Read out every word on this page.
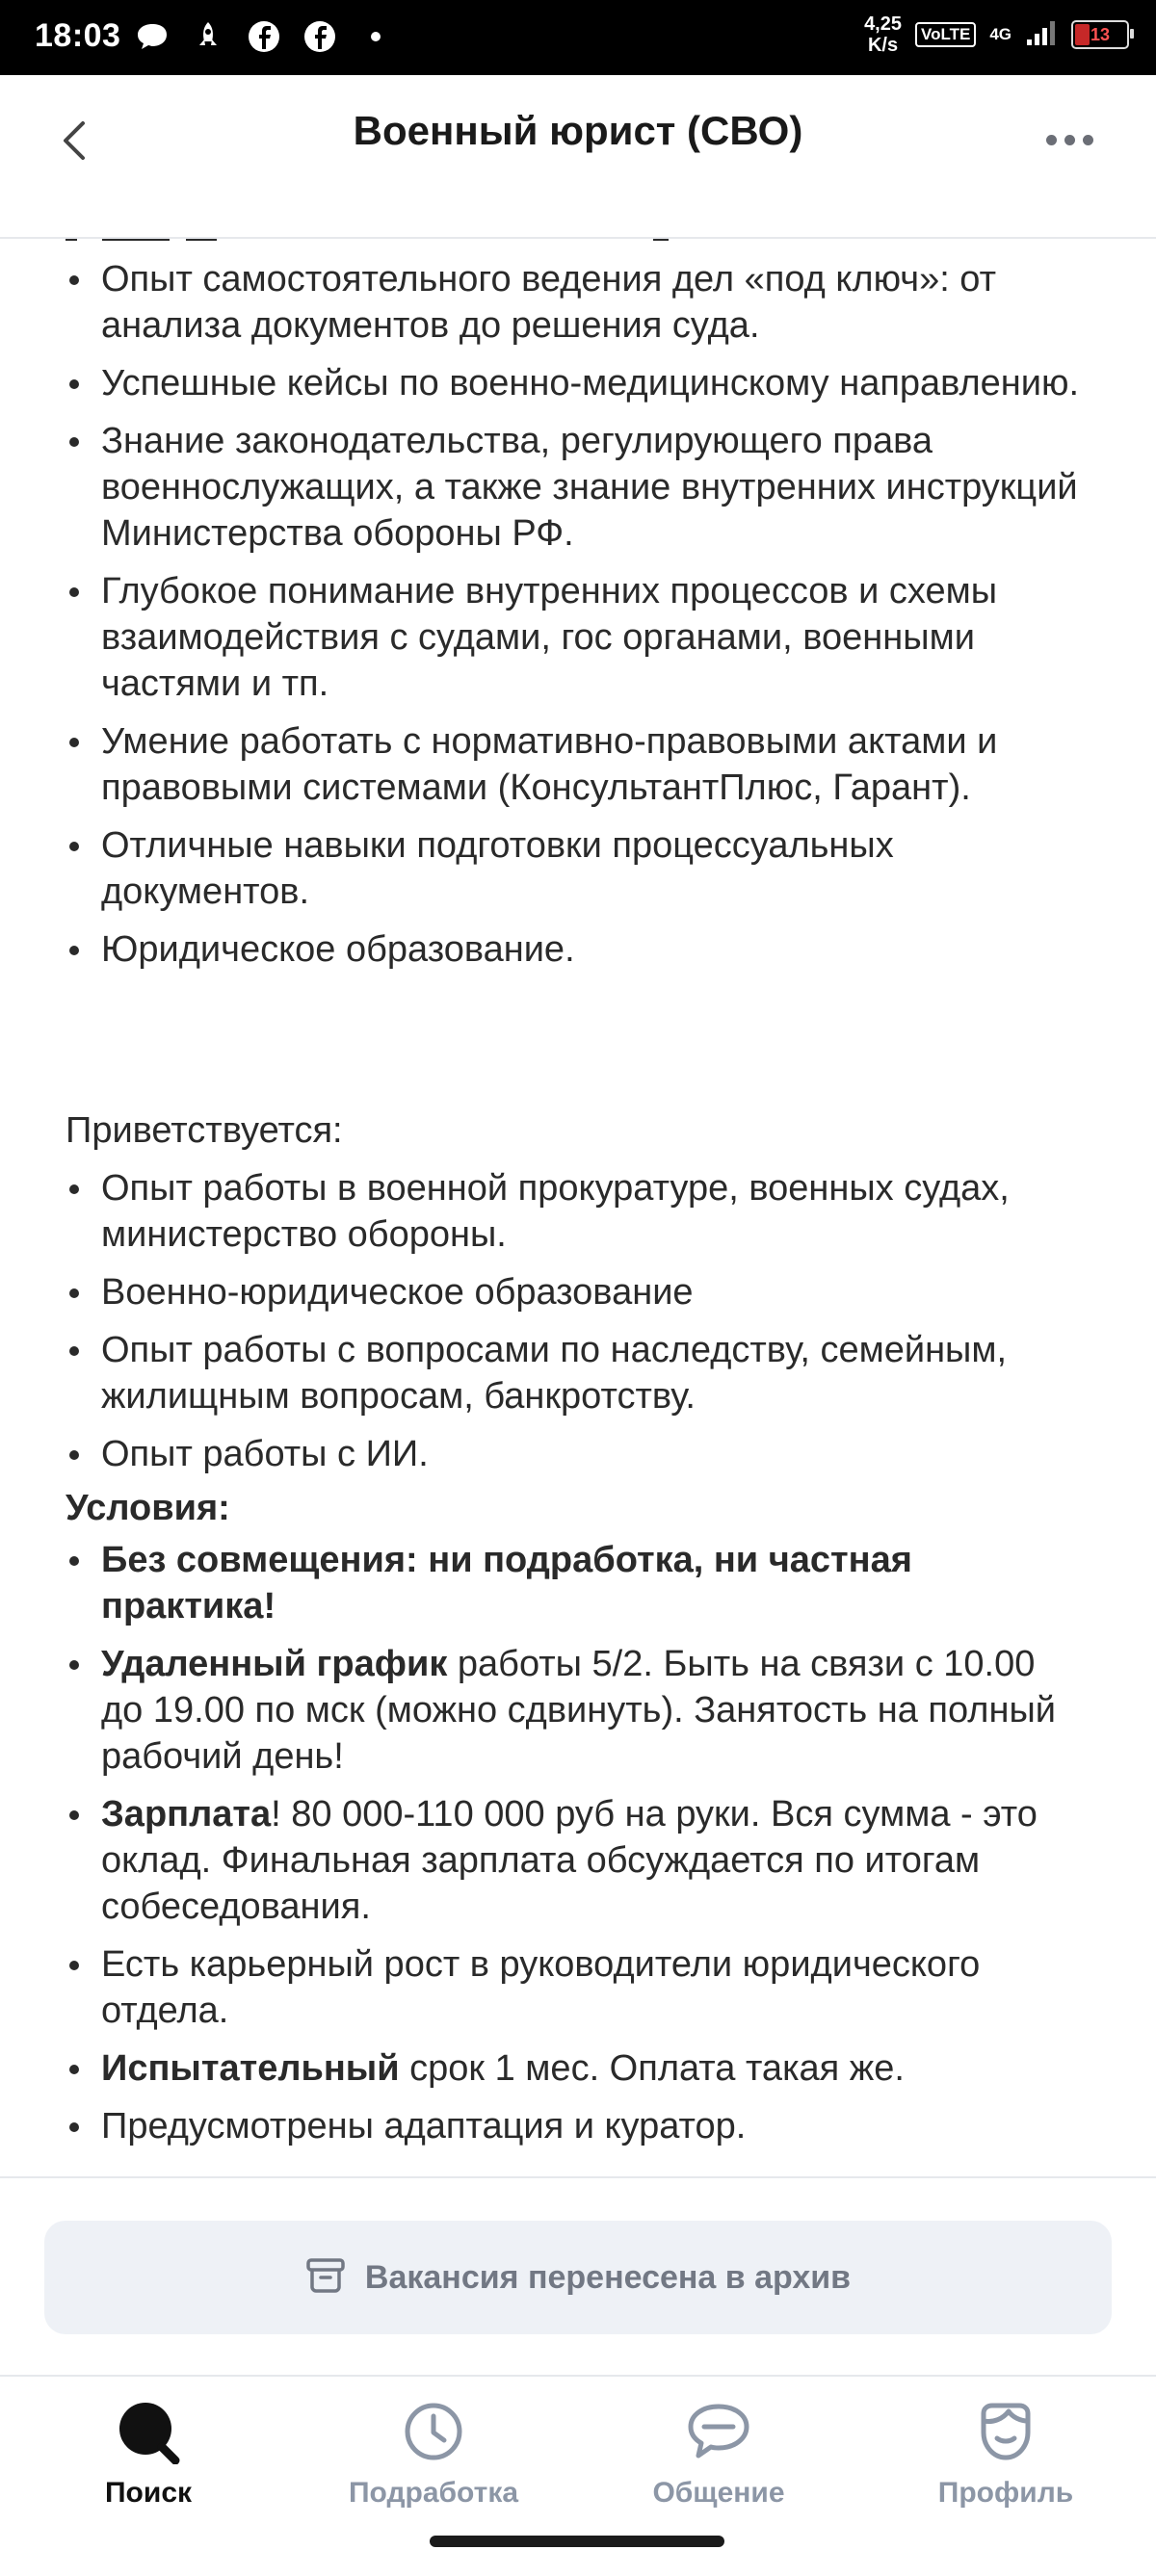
18:03	4,25
K/s
VoLTE	4G	13
Военный юрист (СВО)
Опыт самостоятельного ведения дел «под ключ»: от анализа документов до решения суда.
Успешные кейсы по военно-медицинскому направлению.
Знание законодательства, регулирующего права военнослужащих, а также знание внутренних инструкций Министерства обороны РФ.
Глубокое понимание внутренних процессов и схемы взаимодействия с судами, гос органами, военными частями и тп.
Умение работать с нормативно-правовыми актами и правовыми системами (КонсультантПлюс, Гарант).
Отличные навыки подготовки процессуальных документов.
Юридическое образование.
Приветствуется:
Опыт работы в военной прокуратуре, военных судах, министерство обороны.
Военно-юридическое образование
Опыт работы с вопросами по наследству, семейным, жилищным вопросам, банкротству.
Опыт работы с ИИ.
Условия:
Без совмещения: ни подработка, ни частная практика!
Удаленный график работы 5/2. Быть на связи с 10.00 до 19.00 по мск (можно сдвинуть). Занятость на полный рабочий день!
Зарплата! 80 000-110 000 руб на руки. Вся сумма - это оклад. Финальная зарплата обсуждается по итогам собеседования.
Есть карьерный рост в руководители юридического отдела.
Испытательный срок 1 мес. Оплата такая же.
Предусмотрены адаптация и куратор.
Вакансия перенесена в архив
Поиск	Подработка	Общение	Профиль
